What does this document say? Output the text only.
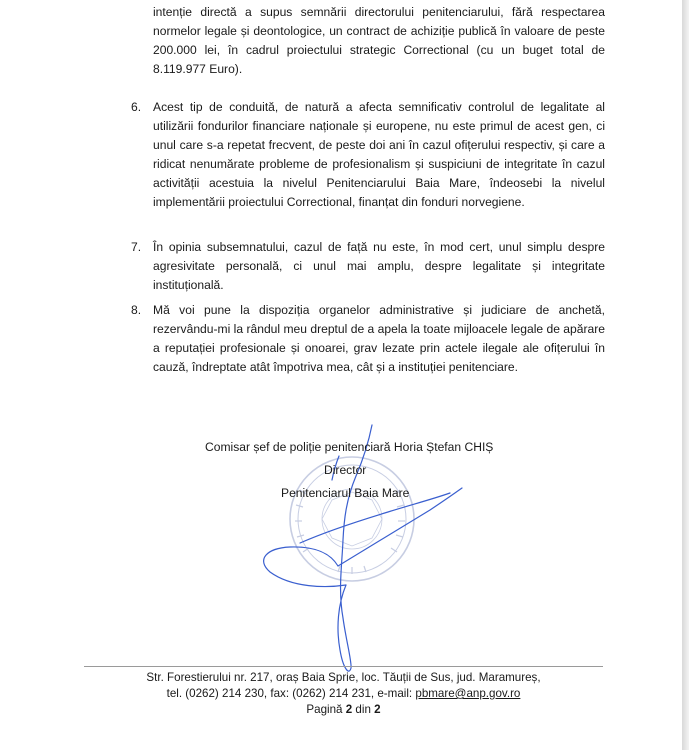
intenție directă a supus semnării directorului penitenciarului, fără respectarea normelor legale și deontologice, un contract de achiziție publică în valoare de peste 200.000 lei, în cadrul proiectului strategic Correctional (cu un buget total de 8.119.977 Euro).
6. Acest tip de conduită, de natură a afecta semnificativ controlul de legalitate al utilizării fondurilor financiare naționale și europene, nu este primul de acest gen, ci unul care s-a repetat frecvent, de peste doi ani în cazul ofițerului respectiv, și care a ridicat nenumărate probleme de profesionalism și suspiciuni de integritate în cazul activității acestuia la nivelul Penitenciarului Baia Mare, îndeosebi la nivelul implementării proiectului Correctional, finanțat din fonduri norvegiene.
7. În opinia subsemnatului, cazul de față nu este, în mod cert, unul simplu despre agresivitate personală, ci unul mai amplu, despre legalitate și integritate instituțională.
8. Mă voi pune la dispoziția organelor administrative și judiciare de anchetă, rezervându-mi la rândul meu dreptul de a apela la toate mijloacele legale de apărare a reputației profesionale și onoarei, grav lezate prin actele ilegale ale ofițerului în cauză, îndreptate atât împotriva mea, cât și a instituției penitenciare.
Comisar șef de poliție penitenciară Horia Ștefan CHIȘ
Director
Penitenciarul Baia Mare
Str. Forestierului nr. 217, oraș Baia Sprie, loc. Tăuții de Sus, jud. Maramureș,
tel. (0262) 214 230, fax: (0262) 214 231, e-mail: pbmare@anp.gov.ro
Pagină 2 din 2
